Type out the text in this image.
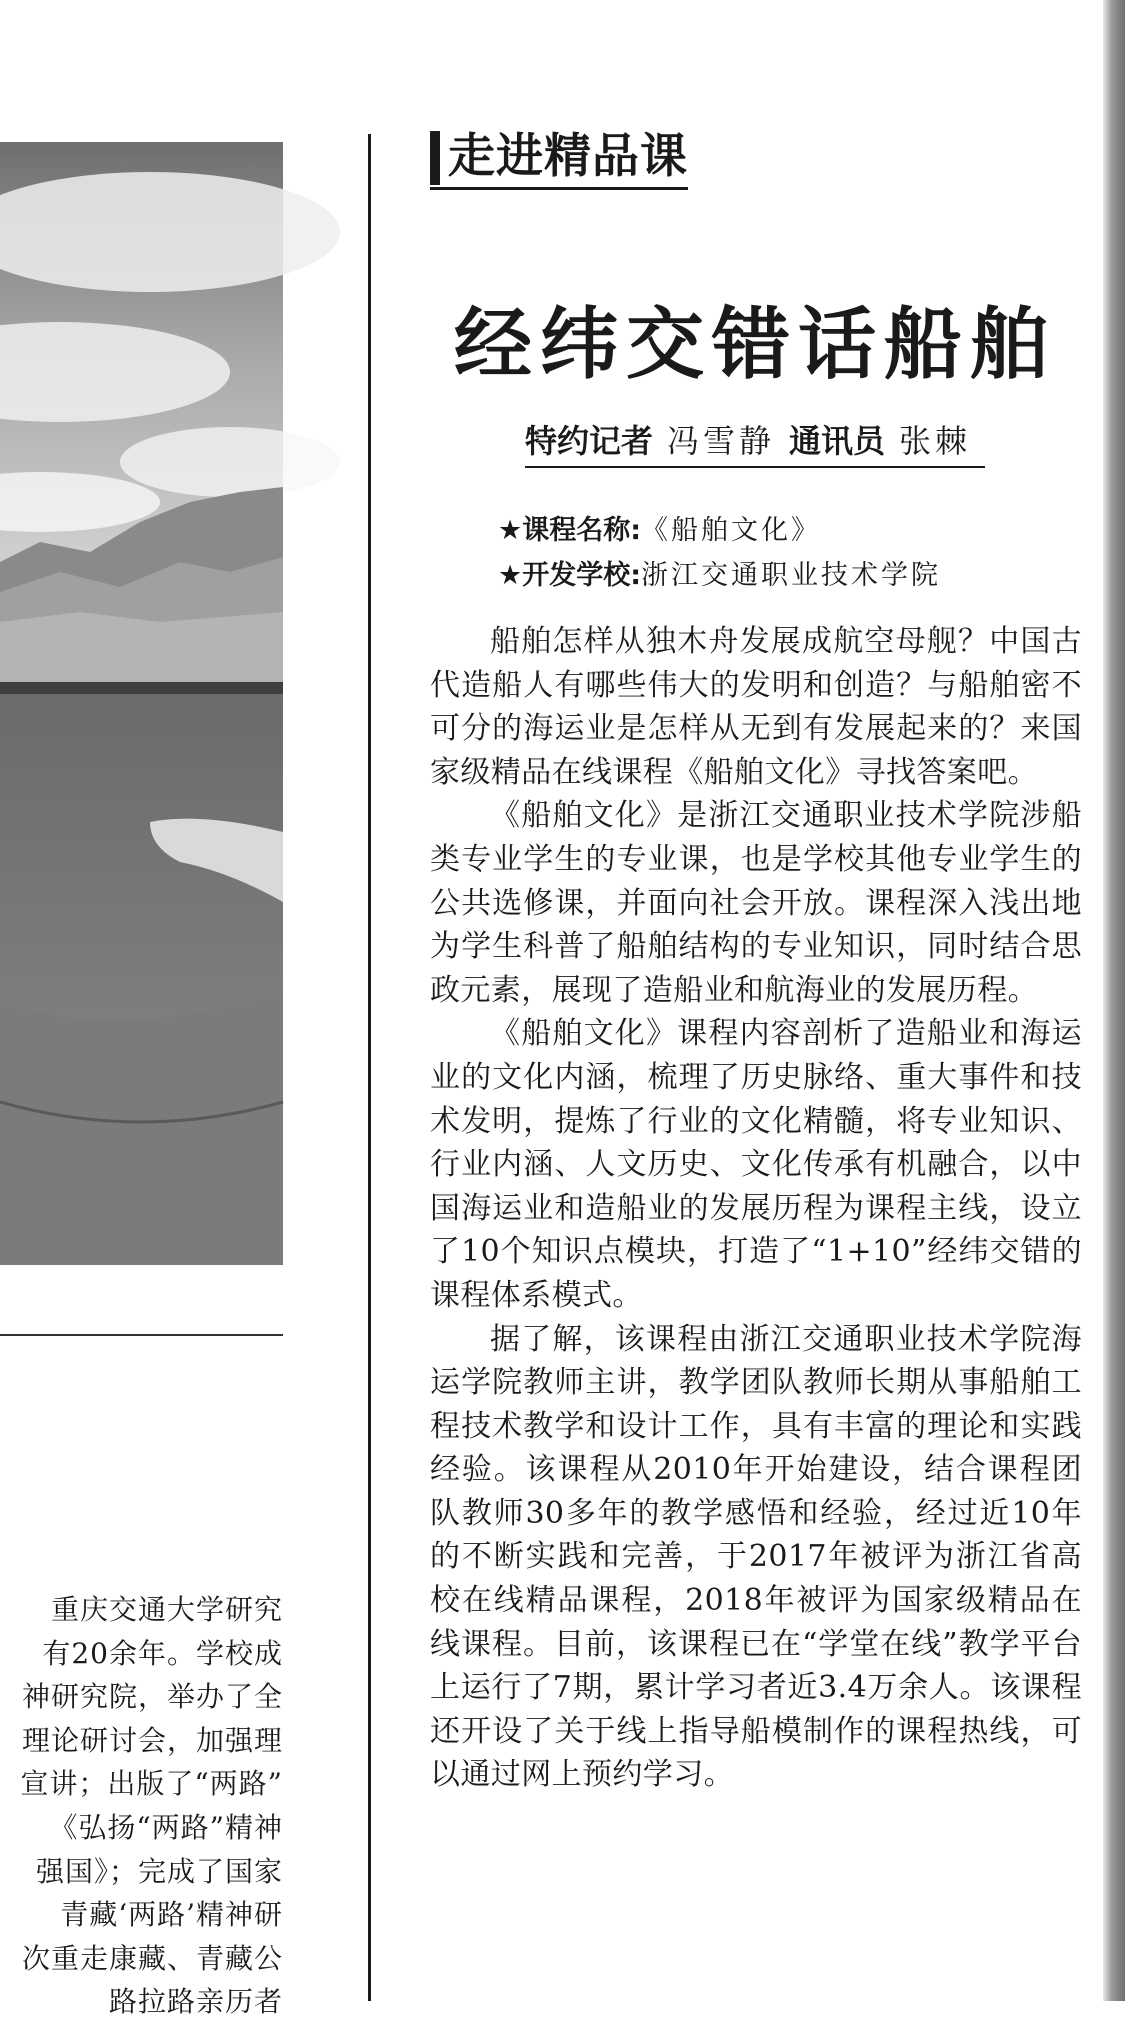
重庆交通大学研究

有20余年。学校成

神研究院，举办了全

理论研讨会，加强理

宣讲；出版了“两路”

《弘扬“两路”精神

强国》；完成了国家

青藏‘两路’精神研

次重走康藏、青藏公

路拉路亲历者

走进精品课
经纬交错话船舶
特约记者 冯雪静 通讯员 张棘
★课程名称:《船舶文化》
★开发学校:浙江交通职业技术学院

船舶怎样从独木舟发展成航空母舰？中国古代造船人有哪些伟大的发明和创造？与船舶密不可分的海运业是怎样从无到有发展起来的？来国家级精品在线课程《船舶文化》寻找答案吧。

《船舶文化》是浙江交通职业技术学院涉船类专业学生的专业课，也是学校其他专业学生的公共选修课，并面向社会开放。课程深入浅出地为学生科普了船舶结构的专业知识，同时结合思政元素，展现了造船业和航海业的发展历程。

《船舶文化》课程内容剖析了造船业和海运业的文化内涵，梳理了历史脉络、重大事件和技术发明，提炼了行业的文化精髓，将专业知识、行业内涵、人文历史、文化传承有机融合，以中国海运业和造船业的发展历程为课程主线，设立了10个知识点模块，打造了“1+10”经纬交错的课程体系模式。

据了解，该课程由浙江交通职业技术学院海运学院教师主讲，教学团队教师长期从事船舶工程技术教学和设计工作，具有丰富的理论和实践经验。该课程从2010年开始建设，结合课程团队教师30多年的教学感悟和经验，经过近10年的不断实践和完善，于2017年被评为浙江省高校在线精品课程，2018年被评为国家级精品在线课程。目前，该课程已在“学堂在线”教学平台上运行了7期，累计学习者近3.4万余人。该课程还开设了关于线上指导船模制作的课程热线，可以通过网上预约学习。
